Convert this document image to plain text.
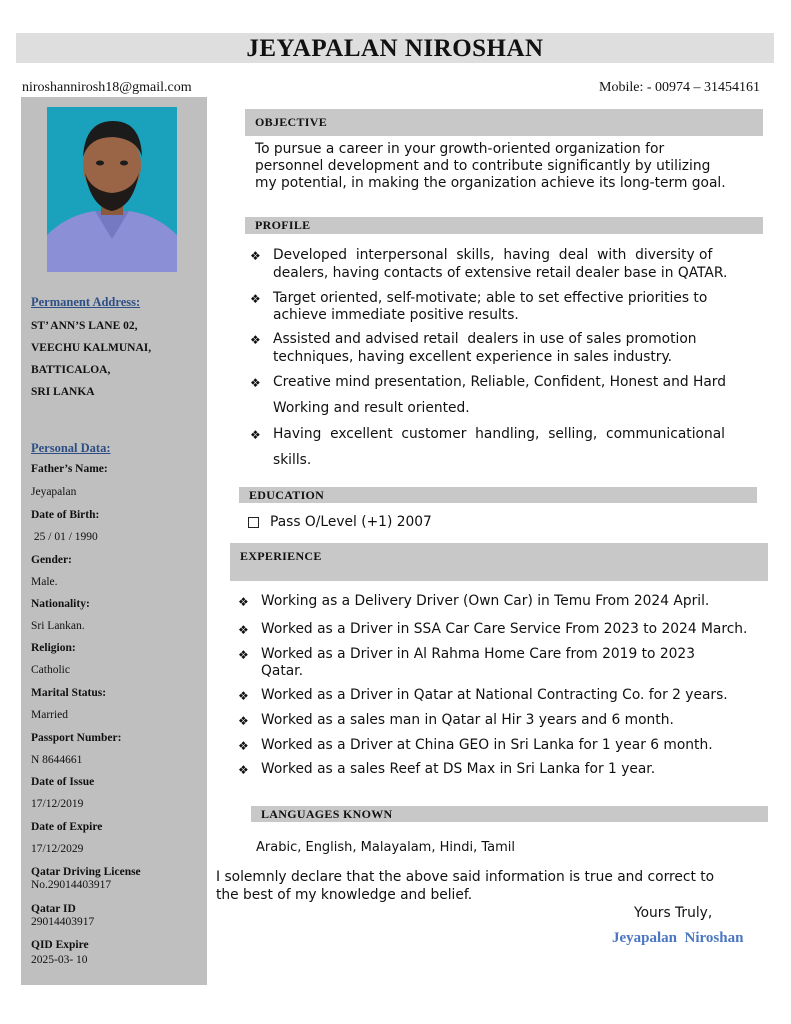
JEYAPALAN NIROSHAN
niroshannirosh18@gmail.com	Mobile: - 00974 – 31454161
Permanent Address:
ST’ ANN’S LANE 02,
VEECHU KALMUNAI,
BATTICALOA,
SRI LANKA
Personal Data:
Father’s Name:
Jeyapalan
Date of Birth:
25 / 01 / 1990
Gender:
Male.
Nationality:
Sri Lankan.
Religion:
Catholic
Marital Status:
Married
Passport Number:
N 8644661
Date of Issue
17/12/2019
Date of Expire
17/12/2029
Qatar Driving License
No.29014403917
Qatar ID
29014403917
QID Expire
2025-03- 10
OBJECTIVE
To pursue a career in your growth-oriented organization for
personnel development and to contribute significantly by utilizing
my potential, in making the organization achieve its long-term goal.
PROFILE
❖ Developed  interpersonal  skills,  having  deal  with  diversity of
dealers, having contacts of extensive retail dealer base in QATAR.
❖ Target oriented, self-motivate; able to set effective priorities to
achieve immediate positive results.
❖ Assisted and advised retail  dealers in use of sales promotion
techniques, having excellent experience in sales industry.
❖ Creative mind presentation, Reliable, Confident, Honest and Hard
Working and result oriented.
❖ Having  excellent  customer  handling,  selling,  communicational
skills.
EDUCATION
Pass O/Level (+1) 2007
EXPERIENCE
❖ Working as a Delivery Driver (Own Car) in Temu From 2024 April.
❖ Worked as a Driver in SSA Car Care Service From 2023 to 2024 March.
❖ Worked as a Driver in Al Rahma Home Care from 2019 to 2023
Qatar.
❖ Worked as a Driver in Qatar at National Contracting Co. for 2 years.
❖ Worked as a sales man in Qatar al Hir 3 years and 6 month.
❖ Worked as a Driver at China GEO in Sri Lanka for 1 year 6 month.
❖ Worked as a sales Reef at DS Max in Sri Lanka for 1 year.
LANGUAGES KNOWN
Arabic, English, Malayalam, Hindi, Tamil
I solemnly declare that the above said information is true and correct to
the best of my knowledge and belief.
Yours Truly,
Jeyapalan  Niroshan
